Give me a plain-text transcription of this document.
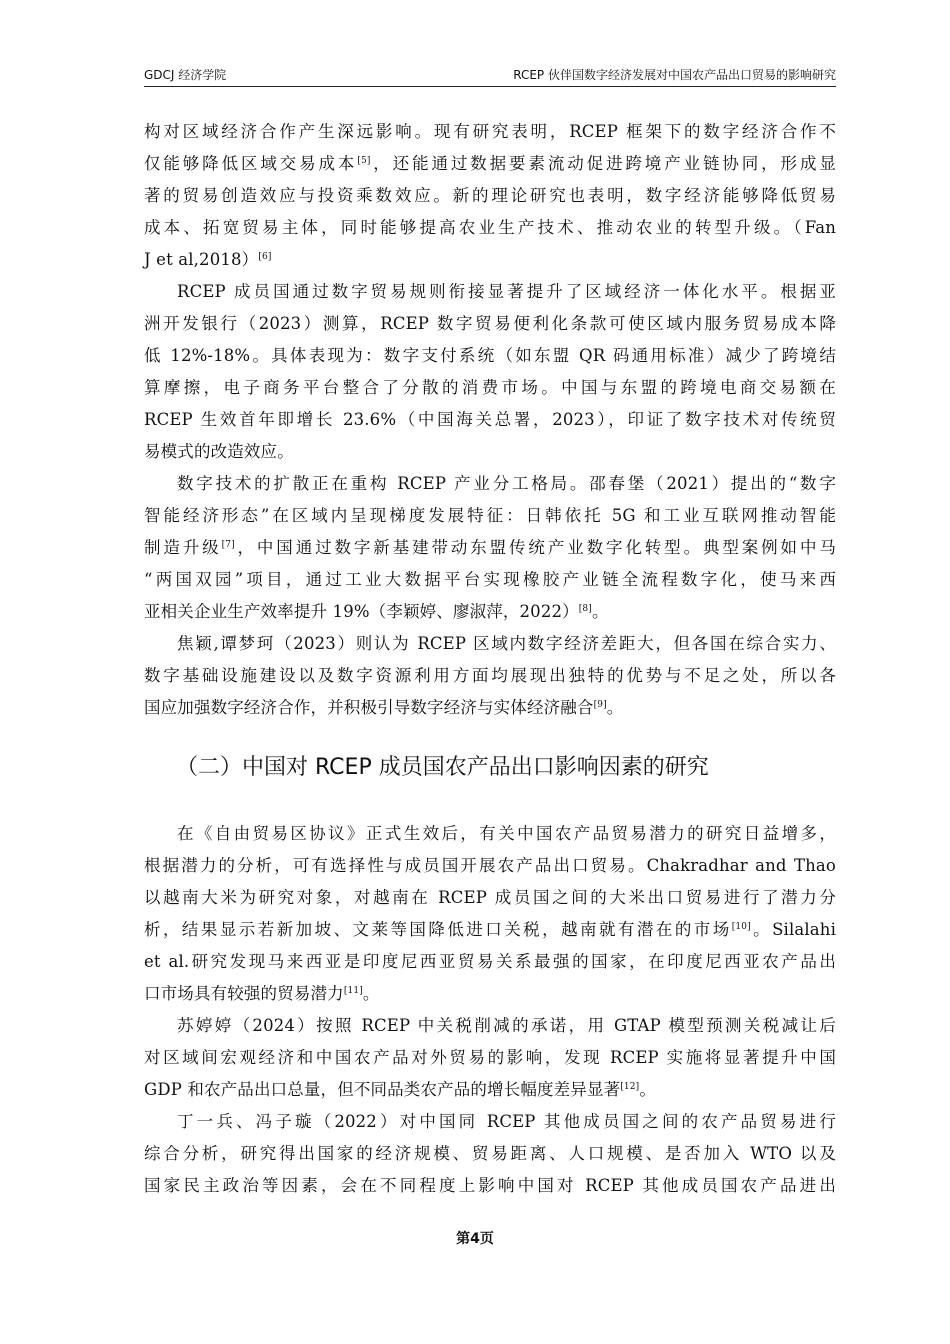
GDCJ 经济学院	RCEP 伙伴国数字经济发展对中国农产品出口贸易的影响研究
构对区域经济合作产生深远影响。现有研究表明，RCEP 框架下的数字经济合作不
仅能够降低区域交易成本[5]，还能通过数据要素流动促进跨境产业链协同，形成显
著的贸易创造效应与投资乘数效应。新的理论研究也表明，数字经济能够降低贸易
成本、拓宽贸易主体，同时能够提高农业生产技术、推动农业的转型升级。（Fan
J et al,2018）[6]
RCEP 成员国通过数字贸易规则衔接显著提升了区域经济一体化水平。根据亚
洲开发银行（2023）测算，RCEP 数字贸易便利化条款可使区域内服务贸易成本降
低 12%-18%。具体表现为：数字支付系统（如东盟 QR 码通用标准）减少了跨境结
算摩擦，电子商务平台整合了分散的消费市场。中国与东盟的跨境电商交易额在
RCEP 生效首年即增长 23.6%（中国海关总署，2023），印证了数字技术对传统贸
易模式的改造效应。
数字技术的扩散正在重构 RCEP 产业分工格局。邵春堡（2021）提出的“数字
智能经济形态”在区域内呈现梯度发展特征：日韩依托 5G 和工业互联网推动智能
制造升级[7]，中国通过数字新基建带动东盟传统产业数字化转型。典型案例如中马
“两国双园”项目，通过工业大数据平台实现橡胶产业链全流程数字化，使马来西
亚相关企业生产效率提升 19%（李颖婷、廖淑萍，2022）[8]。
焦颖,谭梦珂（2023）则认为 RCEP 区域内数字经济差距大，但各国在综合实力、
数字基础设施建设以及数字资源利用方面均展现出独特的优势与不足之处，所以各
国应加强数字经济合作，并积极引导数字经济与实体经济融合[9]。
（二）中国对 RCEP 成员国农产品出口影响因素的研究
在《自由贸易区协议》正式生效后，有关中国农产品贸易潜力的研究日益增多，
根据潜力的分析，可有选择性与成员国开展农产品出口贸易。Chakradhar and Thao
以越南大米为研究对象，对越南在 RCEP 成员国之间的大米出口贸易进行了潜力分
析，结果显示若新加坡、文莱等国降低进口关税，越南就有潜在的市场[10]。Silalahi
et al.研究发现马来西亚是印度尼西亚贸易关系最强的国家，在印度尼西亚农产品出
口市场具有较强的贸易潜力[11]。
苏婷婷（2024）按照 RCEP 中关税削减的承诺，用 GTAP 模型预测关税减让后
对区域间宏观经济和中国农产品对外贸易的影响，发现 RCEP 实施将显著提升中国
GDP 和农产品出口总量，但不同品类农产品的增长幅度差异显著[12]。
丁一兵、冯子璇（2022）对中国同 RCEP 其他成员国之间的农产品贸易进行
综合分析，研究得出国家的经济规模、贸易距离、人口规模、是否加入 WTO 以及
国家民主政治等因素，会在不同程度上影响中国对 RCEP 其他成员国农产品进出
第4页
